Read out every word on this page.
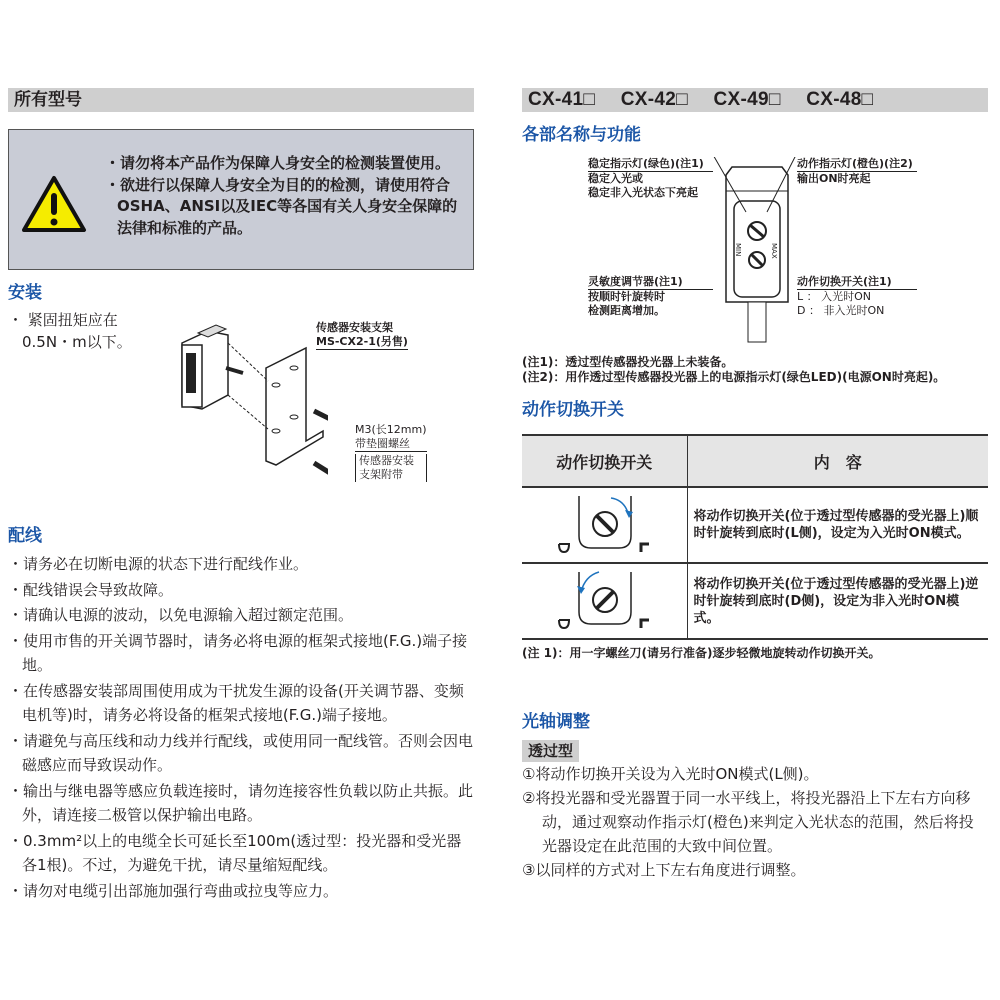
所有型号
・请勿将本产品作为保障人身安全的检测装置使用。
・欲进行以保障人身安全为目的的检测，请使用符合OSHA、ANSI以及IEC等各国有关人身安全保障的法律和标准的产品。
安装
・ 紧固扭矩应在
0.5N・m以下。
传感器安装支架
MS-CX2-1(另售)
M3(长12mm)
带垫圈螺丝
传感器安装
支架附带
配线
・请务必在切断电源的状态下进行配线作业。
・配线错误会导致故障。
・请确认电源的波动，以免电源输入超过额定范围。
・使用市售的开关调节器时，请务必将电源的框架式接地(F.G.)端子接地。
・在传感器安装部周围使用成为干扰发生源的设备(开关调节器、变频电机等)时，请务必将设备的框架式接地(F.G.)端子接地。
・请避免与高压线和动力线并行配线，或使用同一配线管。否则会因电磁感应而导致误动作。
・输出与继电器等感应负载连接时，请勿连接容性负载以防止共振。此外，请连接二极管以保护输出电路。
・0.3mm²以上的电缆全长可延长至100m(透过型：投光器和受光器各1根)。不过，为避免干扰，请尽量缩短配线。
・请勿对电缆引出部施加强行弯曲或拉曳等应力。
CX-41□ CX-42□ CX-49□ CX-48□
各部名称与功能
稳定指示灯(绿色)(注1)
稳定入光或
稳定非入光状态下亮起
动作指示灯(橙色)(注2)
输出ON时亮起
MIN	MAX
灵敏度调节器(注1)
按顺时针旋转时
检测距离增加。
动作切换开关(注1)
L ： 入光时ON
D ： 非入光时ON
(注1)：透过型传感器投光器上未装备。
(注2)：用作透过型传感器投光器上的电源指示灯(绿色LED)(电源ON时亮起)。
动作切换开关
动作切换开关	内　容
	将动作切换开关(位于透过型传感器的受光器上)顺时针旋转到底时(L侧)，设定为入光时ON模式。
	将动作切换开关(位于透过型传感器的受光器上)逆时针旋转到底时(D侧)，设定为非入光时ON模式。
(注 1)：用一字螺丝刀(请另行准备)逐步轻微地旋转动作切换开关。
光轴调整
透过型
①将动作切换开关设为入光时ON模式(L侧)。
②将投光器和受光器置于同一水平线上，将投光器沿上下左右方向移动，通过观察动作指示灯(橙色)来判定入光状态的范围，然后将投光器设定在此范围的大致中间位置。
③以同样的方式对上下左右角度进行调整。
